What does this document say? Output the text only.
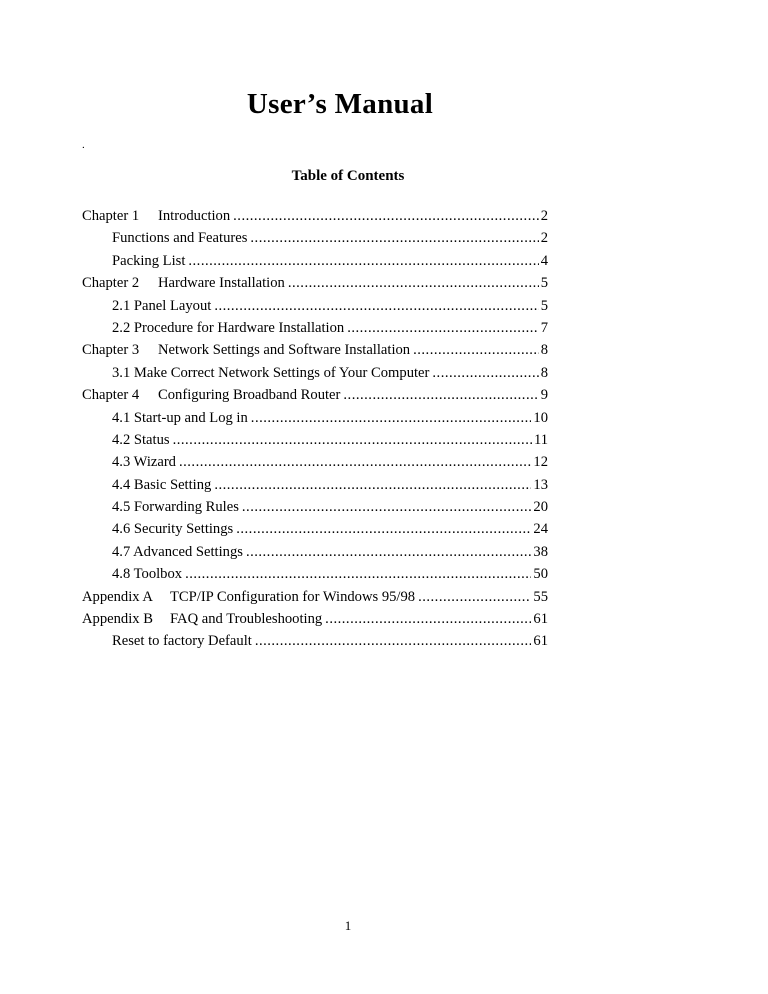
User’s Manual
.
Table of Contents
Chapter 1 Introduction .....	2
Functions and Features .....	2
Packing List .....	4
Chapter 2 Hardware Installation .....	5
2.1 Panel Layout .....	5
2.2 Procedure for Hardware Installation .....	7
Chapter 3 Network Settings and Software Installation .....	8
3.1 Make Correct Network Settings of Your Computer .....	8
Chapter 4 Configuring Broadband Router .....	9
4.1 Start-up and Log in .....	10
4.2 Status .....	11
4.3 Wizard .....	12
4.4 Basic Setting .....	13
4.5 Forwarding Rules .....	20
4.6 Security Settings .....	24
4.7 Advanced Settings .....	38
4.8 Toolbox .....	50
Appendix A TCP/IP Configuration for Windows 95/98 .....	55
Appendix B FAQ and Troubleshooting .....	61
Reset to factory Default .....	61
1
